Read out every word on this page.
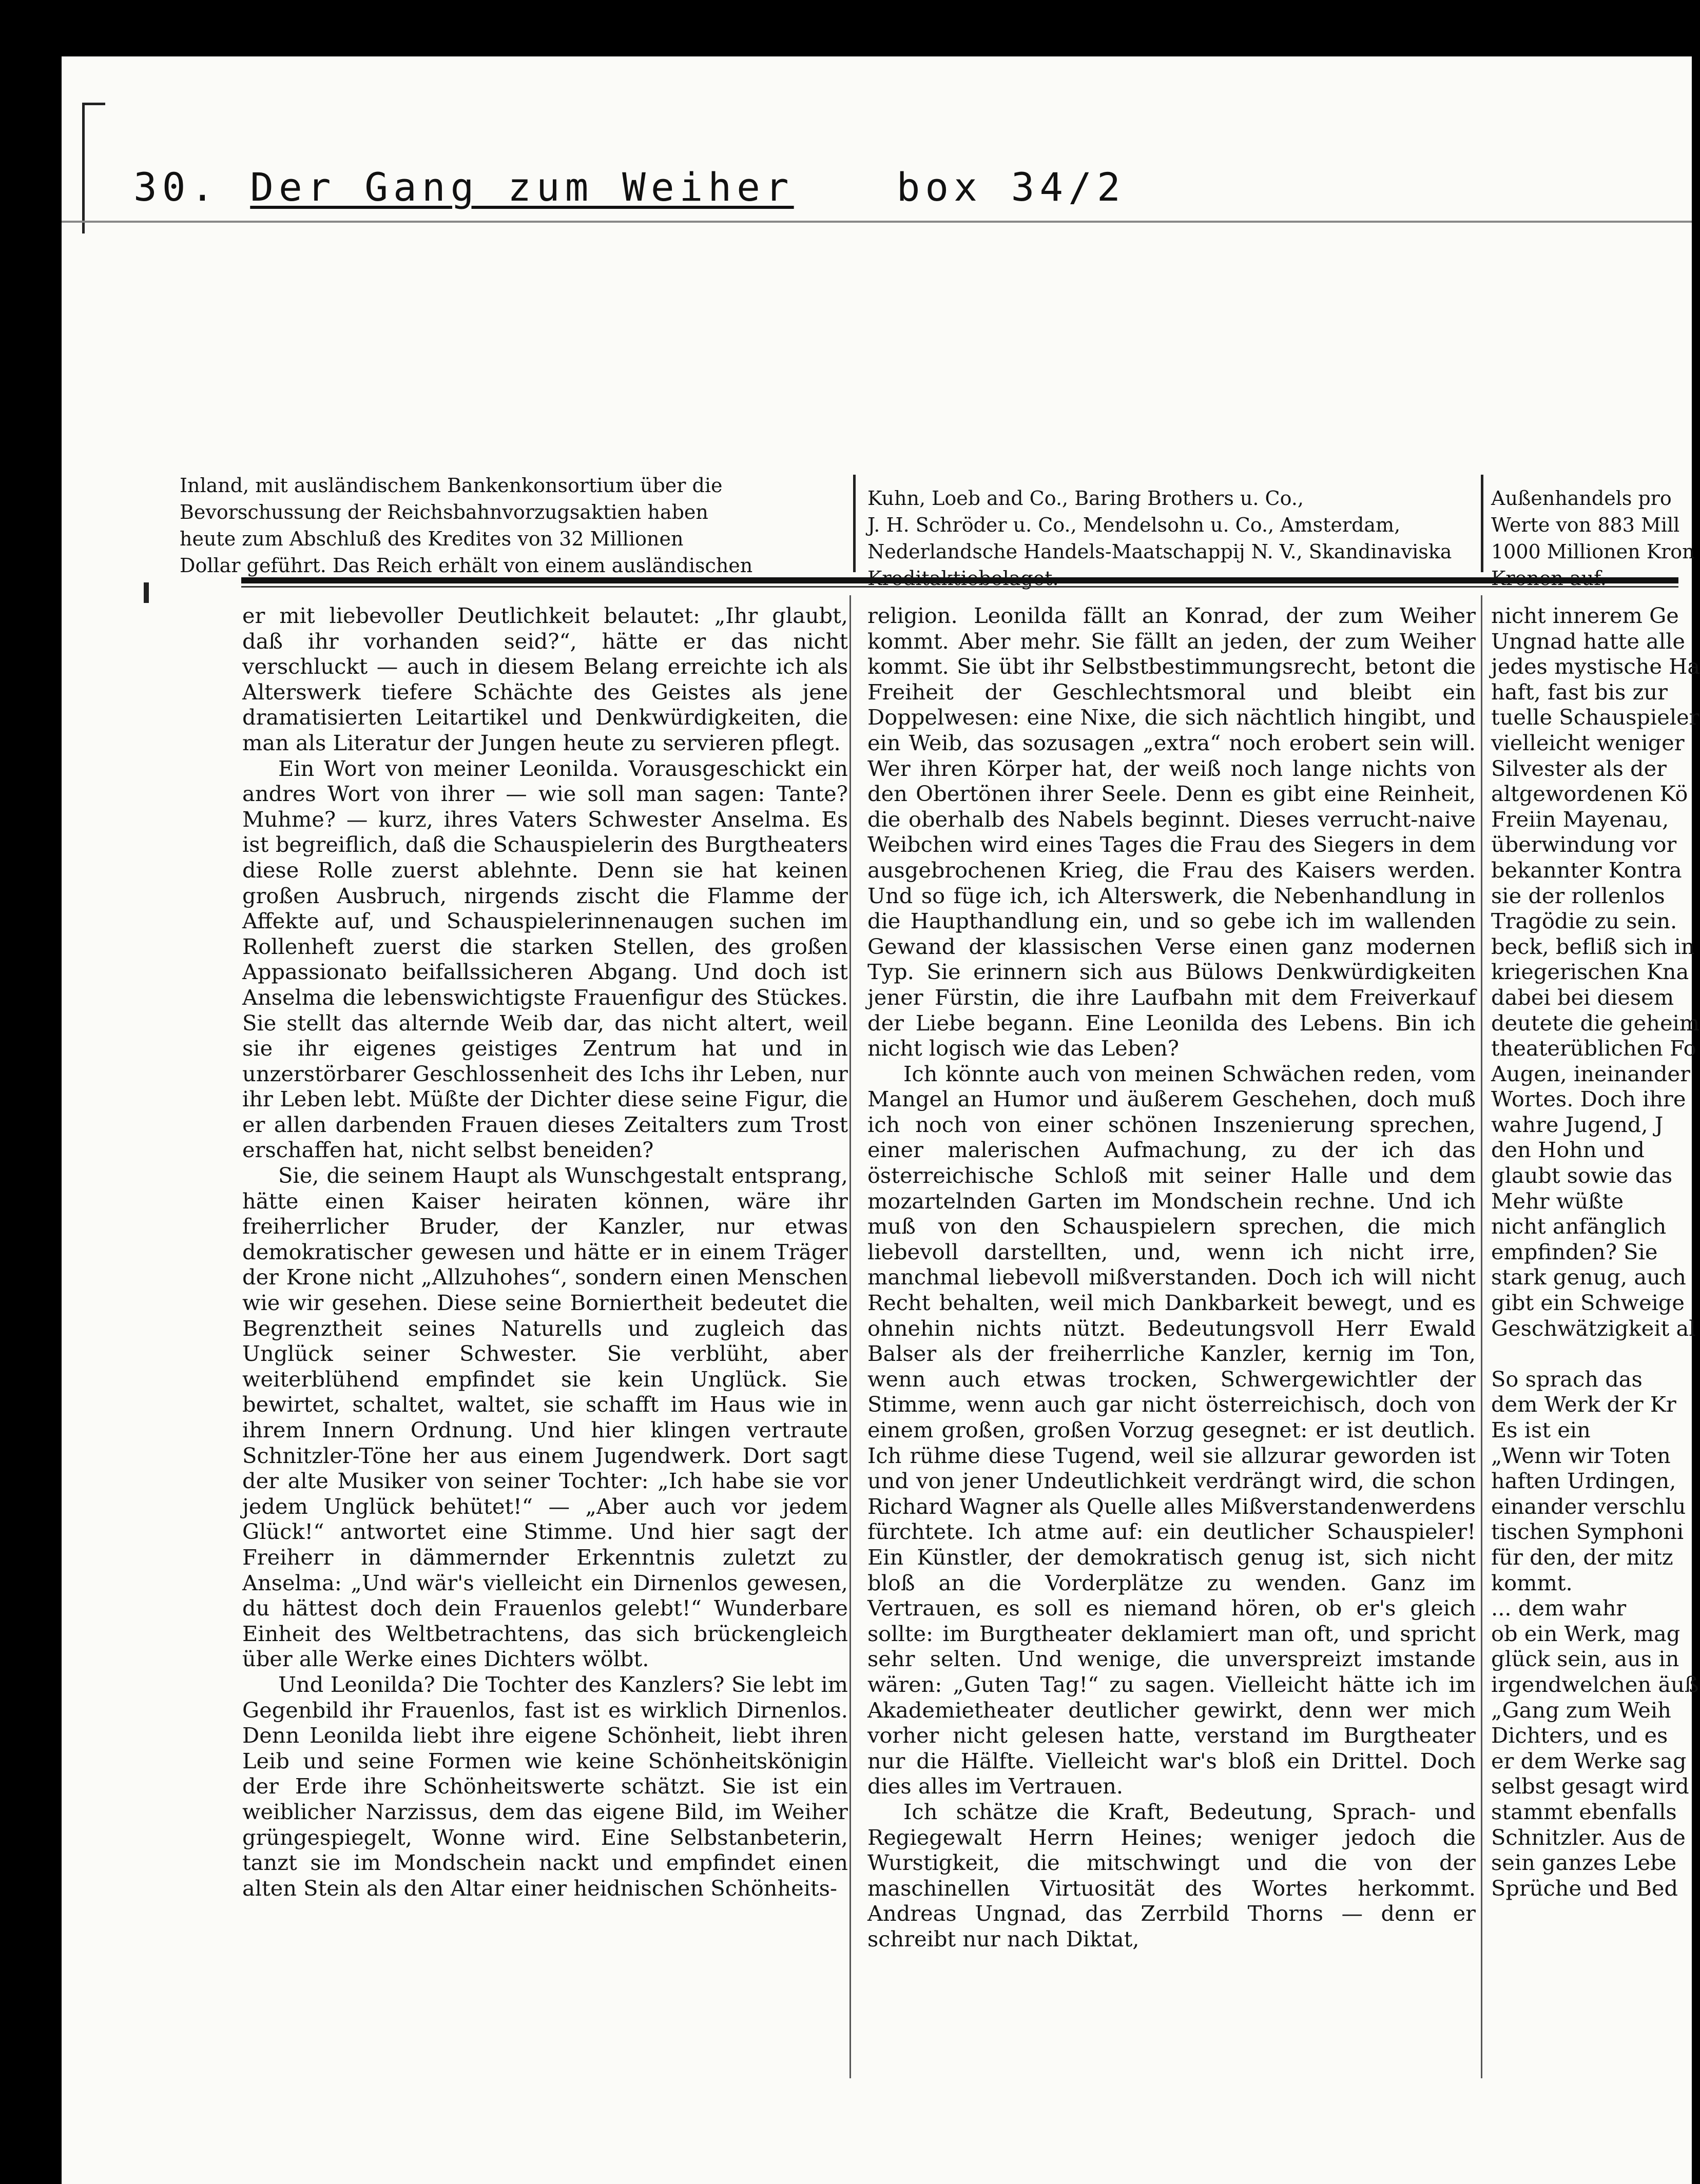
30. Der Gang zum Weiher	box 34/2
Inland, mit ausländischem Bankenkonsortium über die
Bevorschussung der Reichsbahnvorzugsaktien haben
heute zum Abschluß des Kredites von 32 Millionen
Dollar geführt. Das Reich erhält von einem ausländischen
Kuhn, Loeb and Co., Baring Brothers u. Co.,
J. H. Schröder u. Co., Mendelsohn u. Co., Amsterdam,
Nederlandsche Handels-Maatschappij N. V., Skandinaviska
Außenhandels pro
Werte von 883 Mill
1000 Millionen Kron

er mit liebevoller Deutlichkeit belautet: „Ihr glaubt, daß ihr vorhanden seid?“, hätte er das nicht verschluckt — auch in diesem Belang erreichte ich als Alterswerk tiefere Schächte des Geistes als jene dramatisierten Leitartikel und Denkwürdigkeiten, die man als Literatur der Jungen heute zu servieren pflegt.

Ein Wort von meiner Leonilda. Vorausgeschickt ein andres Wort von ihrer — wie soll man sagen: Tante? Muhme? — kurz, ihres Vaters Schwester Anselma. Es ist begreiflich, daß die Schauspielerin des Burgtheaters diese Rolle zuerst ablehnte. Denn sie hat keinen großen Ausbruch, nirgends zischt die Flamme der Affekte auf, und Schauspielerinnenaugen suchen im Rollenheft zuerst die starken Stellen, des großen Appassionato beifallssicheren Abgang. Und doch ist Anselma die lebenswichtigste Frauenfigur des Stückes. Sie stellt das alternde Weib dar, das nicht altert, weil sie ihr eigenes geistiges Zentrum hat und in unzerstörbarer Geschlossenheit des Ichs ihr Leben, nur ihr Leben lebt. Müßte der Dichter diese seine Figur, die er allen darbenden Frauen dieses Zeitalters zum Trost erschaffen hat, nicht selbst beneiden?

Sie, die seinem Haupt als Wunschgestalt entsprang, hätte einen Kaiser heiraten können, wäre ihr freiherrlicher Bruder, der Kanzler, nur etwas demokratischer gewesen und hätte er in einem Träger der Krone nicht „Allzuhohes“, sondern einen Menschen wie wir gesehen. Diese seine Borniertheit bedeutet die Begrenztheit seines Naturells und zugleich das Unglück seiner Schwester. Sie verblüht, aber weiterblühend empfindet sie kein Unglück. Sie bewirtet, schaltet, waltet, sie schafft im Haus wie in ihrem Innern Ordnung. Und hier klingen vertraute Schnitzler-Töne her aus einem Jugendwerk. Dort sagt der alte Musiker von seiner Tochter: „Ich habe sie vor jedem Unglück behütet!“ — „Aber auch vor jedem Glück!“ antwortet eine Stimme. Und hier sagt der Freiherr in dämmernder Erkenntnis zuletzt zu Anselma: „Und wär's vielleicht ein Dirnenlos gewesen, du hättest doch dein Frauenlos gelebt!“ Wunderbare Einheit des Weltbetrachtens, das sich brückengleich über alle Werke eines Dichters wölbt.

Und Leonilda? Die Tochter des Kanzlers? Sie lebt im Gegenbild ihr Frauenlos, fast ist es wirklich Dirnenlos. Denn Leonilda liebt ihre eigene Schönheit, liebt ihren Leib und seine Formen wie keine Schönheitskönigin der Erde ihre Schönheitswerte schätzt. Sie ist ein weiblicher Narzissus, dem das eigene Bild, im Weiher grüngespiegelt, Wonne wird. Eine Selbstanbeterin, tanzt sie im Mondschein nackt und empfindet einen alten Stein als den Altar einer heidnischen Schönheits-

religion. Leonilda fällt an Konrad, der zum Weiher kommt. Aber mehr. Sie fällt an jeden, der zum Weiher kommt. Sie übt ihr Selbstbestimmungsrecht, betont die Freiheit der Geschlechtsmoral und bleibt ein Doppelwesen: eine Nixe, die sich nächtlich hingibt, und ein Weib, das sozusagen „extra“ noch erobert sein will. Wer ihren Körper hat, der weiß noch lange nichts von den Obertönen ihrer Seele. Denn es gibt eine Reinheit, die oberhalb des Nabels beginnt. Dieses verrucht-naive Weibchen wird eines Tages die Frau des Siegers in dem ausgebrochenen Krieg, die Frau des Kaisers werden. Und so füge ich, ich Alterswerk, die Nebenhandlung in die Haupthandlung ein, und so gebe ich im wallenden Gewand der klassischen Verse einen ganz modernen Typ. Sie erinnern sich aus Bülows Denkwürdigkeiten jener Fürstin, die ihre Laufbahn mit dem Freiverkauf der Liebe begann. Eine Leonilda des Lebens. Bin ich nicht logisch wie das Leben?

Ich könnte auch von meinen Schwächen reden, vom Mangel an Humor und äußerem Geschehen, doch muß ich noch von einer schönen Inszenierung sprechen, einer malerischen Aufmachung, zu der ich das österreichische Schloß mit seiner Halle und dem mozartelnden Garten im Mondschein rechne. Und ich muß von den Schauspielern sprechen, die mich liebevoll darstellten, und, wenn ich nicht irre, manchmal liebevoll mißverstanden. Doch ich will nicht Recht behalten, weil mich Dankbarkeit bewegt, und es ohnehin nichts nützt. Bedeutungsvoll Herr Ewald Balser als der freiherrliche Kanzler, kernig im Ton, wenn auch etwas trocken, Schwergewichtler der Stimme, wenn auch gar nicht österreichisch, doch von einem großen, großen Vorzug gesegnet: er ist deutlich. Ich rühme diese Tugend, weil sie allzurar geworden ist und von jener Undeutlichkeit verdrängt wird, die schon Richard Wagner als Quelle alles Mißverstandenwerdens fürchtete. Ich atme auf: ein deutlicher Schauspieler! Ein Künstler, der demokratisch genug ist, sich nicht bloß an die Vorderplätze zu wenden. Ganz im Vertrauen, es soll es niemand hören, ob er's gleich sollte: im Burgtheater deklamiert man oft, und spricht sehr selten. Und wenige, die unverspreizt imstande wären: „Guten Tag!“ zu sagen. Vielleicht hätte ich im Akademietheater deutlicher gewirkt, denn wer mich vorher nicht gelesen hatte, verstand im Burgtheater nur die Hälfte. Vielleicht war's bloß ein Drittel. Doch dies alles im Vertrauen.

Ich schätze die Kraft, Bedeutung, Sprach- und Regiegewalt Herrn Heines; weniger jedoch die Wurstigkeit, die mitschwingt und die von der maschinellen Virtuosität des Wortes herkommt. Andreas Ungnad, das Zerrbild Thorns — denn er schreibt nur nach Diktat,

nicht innerem Ge
Ungnad hatte alle
jedes mystische Ha
haft, fast bis zur
tuelle Schauspieler
vielleicht weniger
Silvester als der
altgewordenen Kö
Freiin Mayenau,
überwindung vor
bekannter Kontra
sie der rollenlos
Tragödie zu sein.
beck, befliß sich in
kriegerischen Kna
dabei bei diesem
deutete die geheim
theaterüblichen Fo
Augen, ineinander
Wortes. Doch ihre
wahre Jugend, J
den Hohn und
glaubt sowie das
Mehr wüßte
nicht anfänglich
empfinden? Sie
stark genug, auch
gibt ein Schweige
Geschwätzigkeit al

So sprach das
dem Werk der Kr
Es ist ein
„Wenn wir Toten
haften Urdingen,
einander verschlu
tischen Symphoni
für den, der mitz
kommt.
... dem wahr
ob ein Werk, mag
glück sein, aus in
irgendwelchen äuß
„Gang zum Weih
Dichters, und es
er dem Werke sag
selbst gesagt wird
stammt ebenfalls
Schnitzler. Aus de
sein ganzes Lebe
Sprüche und Bed
